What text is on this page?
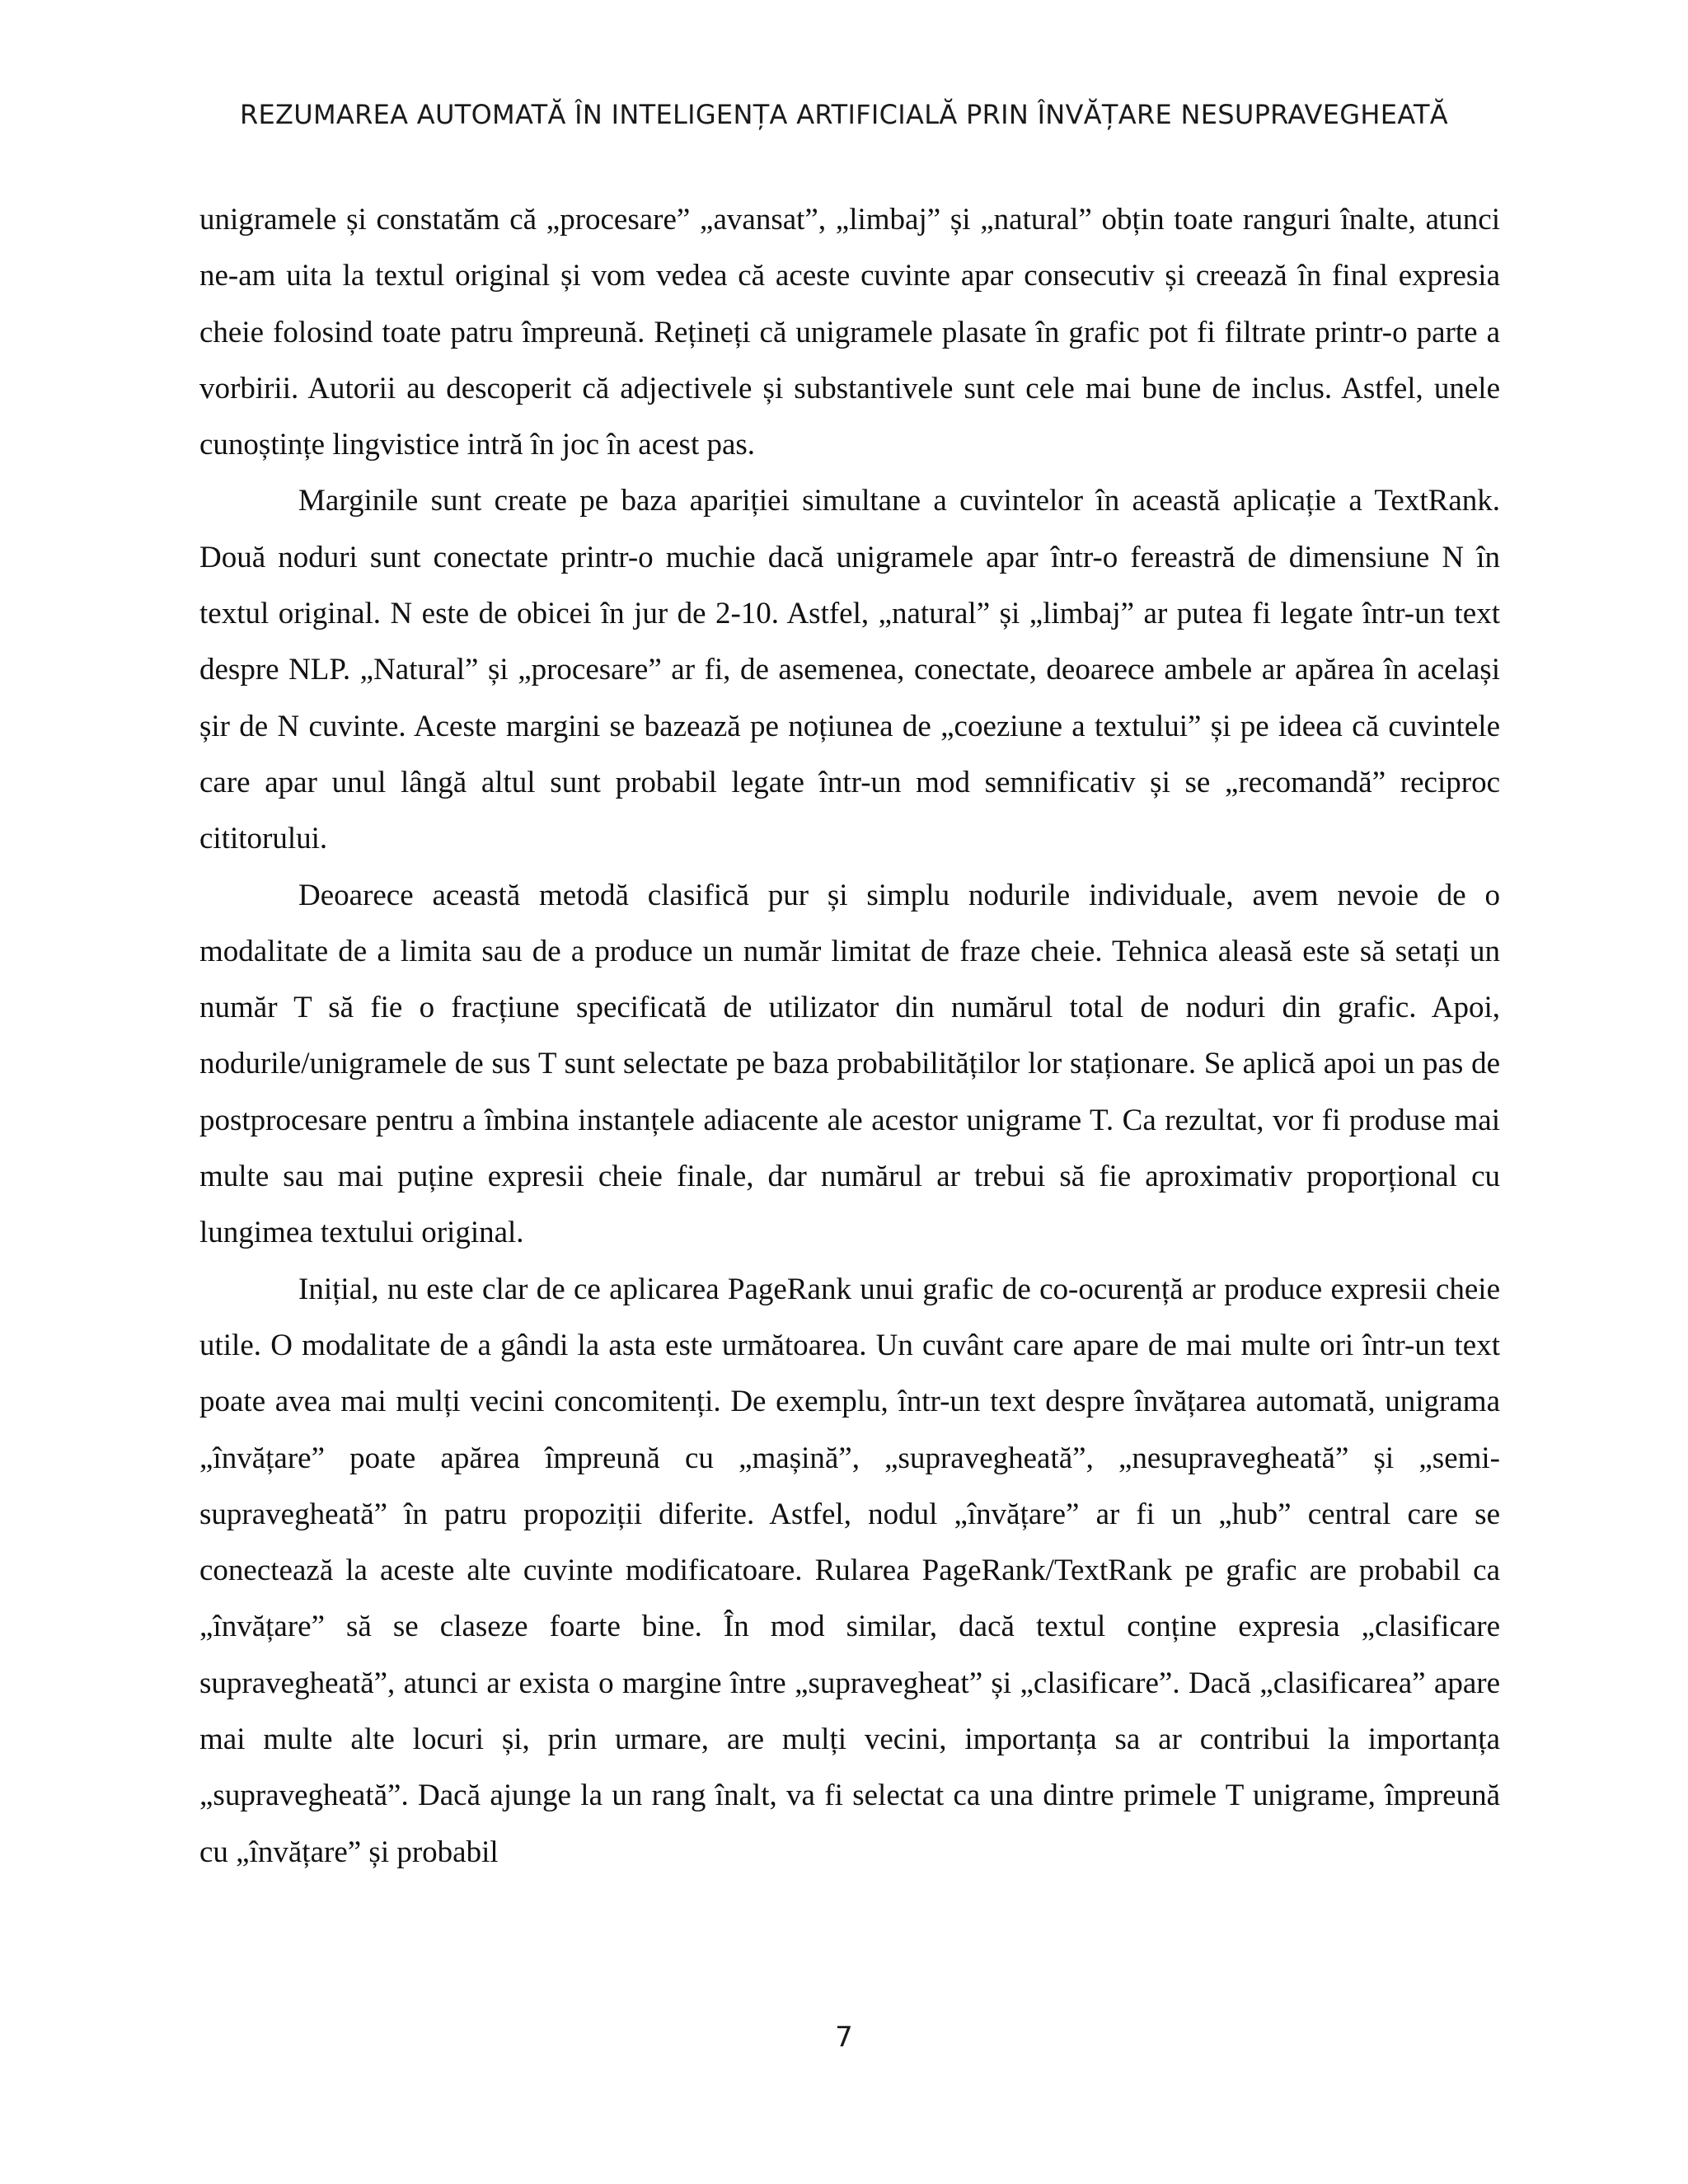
REZUMAREA AUTOMATĂ ÎN INTELIGENȚA ARTIFICIALĂ PRIN ÎNVĂȚARE NESUPRAVEGHEATĂ

unigramele și constatăm că „procesare” „avansat”, „limbaj” și „natural” obțin toate ranguri înalte, atunci ne-am uita la textul original și vom vedea că aceste cuvinte apar consecutiv și creează în final expresia cheie folosind toate patru împreună. Rețineți că unigramele plasate în grafic pot fi filtrate printr-o parte a vorbirii. Autorii au descoperit că adjectivele și substantivele sunt cele mai bune de inclus. Astfel, unele cunoștințe lingvistice intră în joc în acest pas.

Marginile sunt create pe baza apariției simultane a cuvintelor în această aplicație a TextRank. Două noduri sunt conectate printr-o muchie dacă unigramele apar într-o fereastră de dimensiune N în textul original. N este de obicei în jur de 2-10. Astfel, „natural” și „limbaj” ar putea fi legate într-un text despre NLP. „Natural” și „procesare” ar fi, de asemenea, conectate, deoarece ambele ar apărea în același șir de N cuvinte. Aceste margini se bazează pe noțiunea de „coeziune a textului” și pe ideea că cuvintele care apar unul lângă altul sunt probabil legate într-un mod semnificativ și se „recomandă” reciproc cititorului.

Deoarece această metodă clasifică pur și simplu nodurile individuale, avem nevoie de o modalitate de a limita sau de a produce un număr limitat de fraze cheie. Tehnica aleasă este să setați un număr T să fie o fracțiune specificată de utilizator din numărul total de noduri din grafic. Apoi, nodurile/unigramele de sus T sunt selectate pe baza probabilităților lor staționare. Se aplică apoi un pas de postprocesare pentru a îmbina instanțele adiacente ale acestor unigrame T. Ca rezultat, vor fi produse mai multe sau mai puține expresii cheie finale, dar numărul ar trebui să fie aproximativ proporțional cu lungimea textului original.

Inițial, nu este clar de ce aplicarea PageRank unui grafic de co-ocurență ar produce expresii cheie utile. O modalitate de a gândi la asta este următoarea. Un cuvânt care apare de mai multe ori într-un text poate avea mai mulți vecini concomitenți. De exemplu, într-un text despre învățarea automată, unigrama „învățare” poate apărea împreună cu „mașină”, „supravegheată”, „nesupravegheată” și „semi-supravegheată” în patru propoziții diferite. Astfel, nodul „învățare” ar fi un „hub” central care se conectează la aceste alte cuvinte modificatoare. Rularea PageRank/TextRank pe grafic are probabil ca „învățare” să se claseze foarte bine. În mod similar, dacă textul conține expresia „clasificare supravegheată”, atunci ar exista o margine între „supravegheat” și „clasificare”. Dacă „clasificarea” apare mai multe alte locuri și, prin urmare, are mulți vecini, importanța sa ar contribui la importanța „supravegheată”. Dacă ajunge la un rang înalt, va fi selectat ca una dintre primele T unigrame, împreună cu „învățare” și probabil

7
